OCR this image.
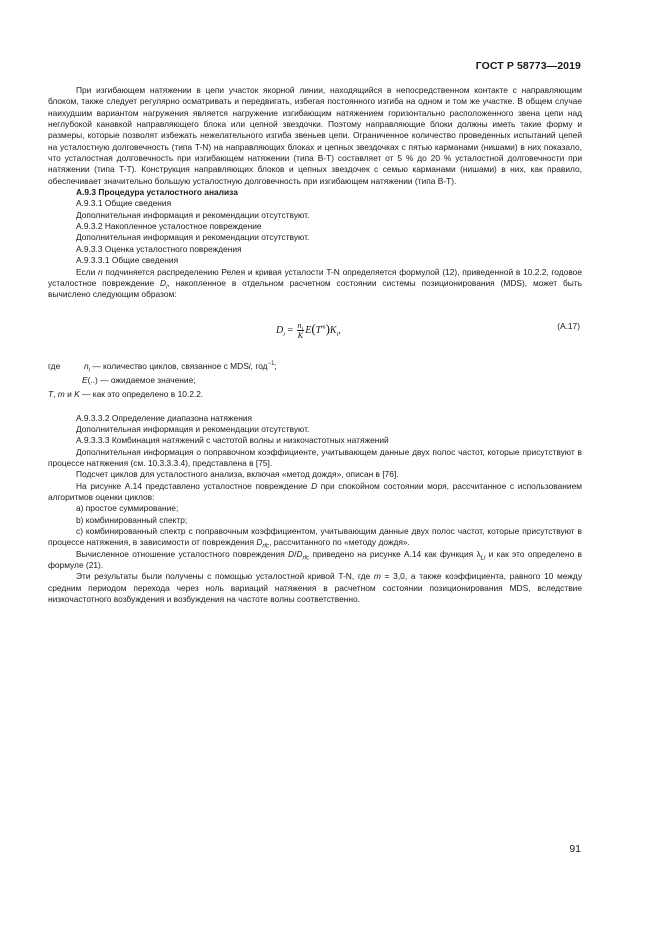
ГОСТ Р 58773—2019

При изгибающем натяжении в цепи участок якорной линии, находящийся в непосредственном контакте с направляющим блоком, также следует регулярно осматривать и передвигать, избегая постоянного изгиба на одном и том же участке. В общем случае наихудшим вариантом нагружения является нагружение изгибающим натяжением горизонтально расположенного звена цепи над неглубокой канавкой направляющего блока или цепной звездочки. Поэтому направляющие блоки должны иметь такие форму и размеры, которые позволят избежать нежелательного изгиба звеньев цепи. Ограниченное количество проведенных испытаний цепей на усталостную долговечность (типа T-N) на направляющих блоках и цепных звездочках с пятью карманами (нишами) в них показало, что усталостная долговечность при изгибающем натяжении (типа B-T) составляет от 5 % до 20 % усталостной долговечности при натяжении (типа T-T). Конструкция направляющих блоков и цепных звездочек с семью карманами (нишами) в них, как правило, обеспечивает значительно большую усталостную долговечность при изгибающем натяжении (типа B-T).

А.9.3 Процедура усталостного анализа

А.9.3.1 Общие сведения

Дополнительная информация и рекомендации отсутствуют.

А.9.3.2 Накопленное усталостное повреждение

Дополнительная информация и рекомендации отсутствуют.

А.9.3.3 Оценка усталостного повреждения

А.9.3.3.1 Общие сведения

Если n подчиняется распределению Релея и кривая усталости T-N определяется формулой (12), приведенной в 10.2.2, годовое усталостное повреждение $D_i$, накопленное в отдельном расчетном состоянии системы позиционирования (MDS), может быть вычислено следующим образом:

$D_i = \frac{n_i}{K} E(T^m)K_i$,	(А.17)
где	$n_i$ — количество циклов, связанное с MDSi, год$^{-1}$;
E(..) — ожидаемое значение;
T, m и K — как это определено в 10.2.2.

А.9.3.3.2 Определение диапазона натяжения

Дополнительная информация и рекомендации отсутствуют.

А.9.3.3.3 Комбинация натяжений с частотой волны и низкочастотных натяжений

Дополнительная информация о поправочном коэффициенте, учитывающем данные двух полос частот, которые присутствуют в процессе натяжения (см. 10.3.3.3.4), представлена в [75].

Подсчет циклов для усталостного анализа, включая «метод дождя», описан в [76].

На рисунке А.14 представлено усталостное повреждение D при спокойном состоянии моря, рассчитанное с использованием алгоритмов оценки циклов:

a) простое суммирование;

b) комбинированный спектр;

c) комбинированный спектр с поправочным коэффициентом, учитывающим данные двух полос частот, которые присутствуют в процессе натяжения, в зависимости от повреждения $D_{rfc}$, рассчитанного по «методу дождя».

Вычисленное отношение усталостного повреждения $D/D_{rfc}$ приведено на рисунке А.14 как функция $\lambda_{Li}$ и как это определено в формуле (21).

Эти результаты были получены с помощью усталостной кривой T-N, где m = 3,0, а также коэффициента, равного 10 между средним периодом перехода через ноль вариаций натяжения в расчетном состоянии позиционирования MDS, вследствие низкочастотного возбуждения и возбуждения на частоте волны соответственно.

91
